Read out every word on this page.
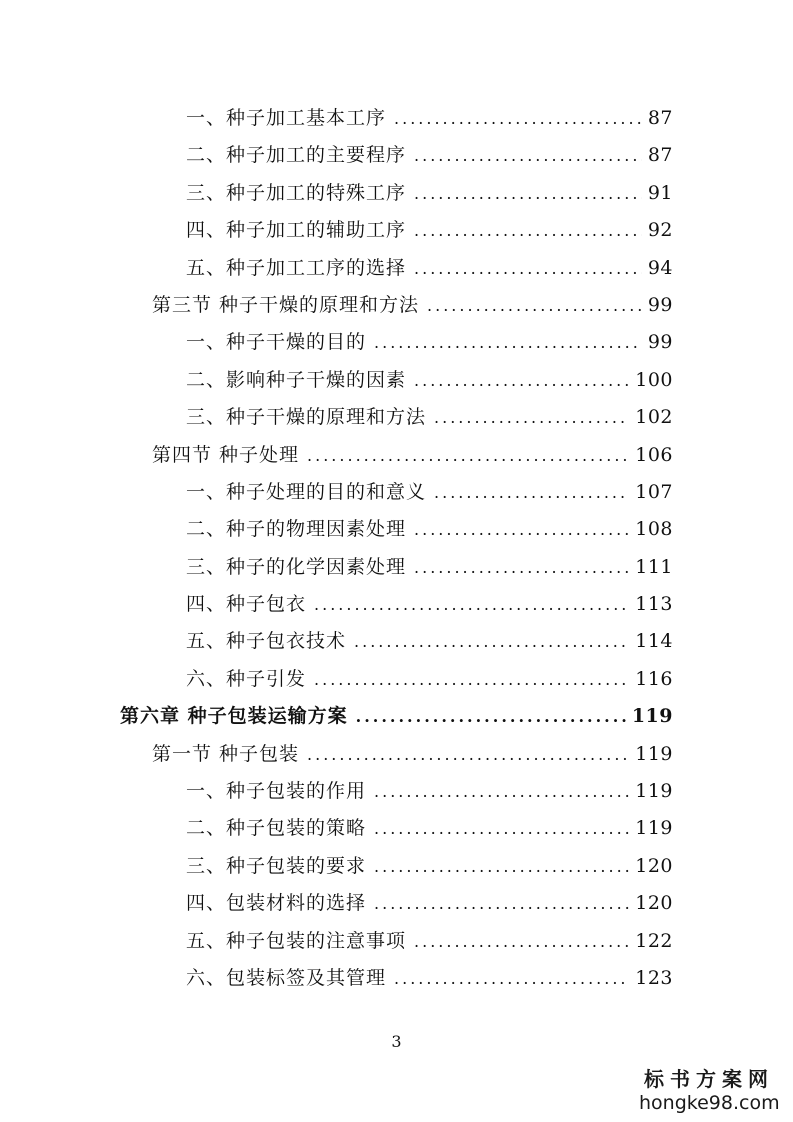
一、种子加工基本工序 .....	87
二、种子加工的主要程序 .....	87
三、种子加工的特殊工序 .....	91
四、种子加工的辅助工序 .....	92
五、种子加工工序的选择 .....	94
第三节 种子干燥的原理和方法 .....	99
一、种子干燥的目的 .....	99
二、影响种子干燥的因素 .....	100
三、种子干燥的原理和方法 .....	102
第四节 种子处理 .....	106
一、种子处理的目的和意义 .....	107
二、种子的物理因素处理 .....	108
三、种子的化学因素处理 .....	111
四、种子包衣 .....	113
五、种子包衣技术 .....	114
六、种子引发 .....	116
第六章 种子包装运输方案 .....	119
第一节 种子包装 .....	119
一、种子包装的作用 .....	119
二、种子包装的策略 .....	119
三、种子包装的要求 .....	120
四、包装材料的选择 .....	120
五、种子包装的注意事项 .....	122
六、包装标签及其管理 .....	123
3
标书方案网
hongke98.com
